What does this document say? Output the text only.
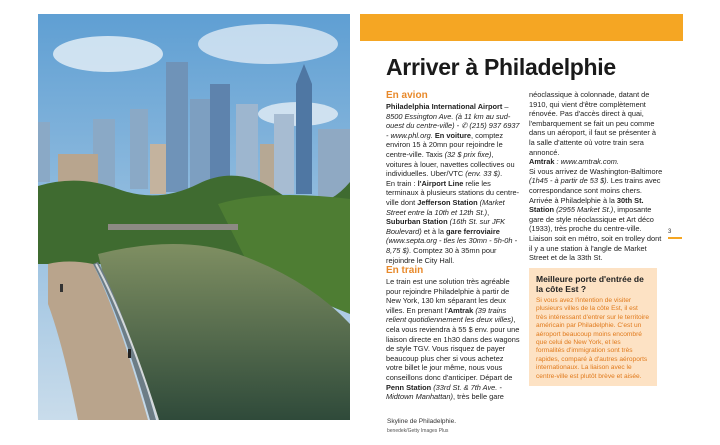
Skyline de Philadelphie.
benedek/Getty Images Plus
Arriver à Philadelphie

En avion

Philadelphia International Airport – 8500 Essington Ave. (à 11 km au sud-ouest du centre-ville) - ✆ (215) 937 6937 - www.phl.org. En voiture, comptez environ 15 à 20mn pour rejoindre le centre-ville. Taxis (32 $ prix fixe), voitures à louer, navettes collectives ou individuelles. Uber/VTC (env. 33 $).

En train : l'Airport Line relie les terminaux à plusieurs stations du centre-ville dont Jefferson Station (Market Street entre la 10th et 12th St.), Suburban Station (16th St. sur JFK Boulevard) et à la gare ferroviaire (www.septa.org - tles les 30mn - 5h-0h - 8,75 $). Comptez 30 à 35mn pour rejoindre le City Hall.

En train

Le train est une solution très agréable pour rejoindre Philadelphie à partir de New York, 130 km séparant les deux villes. En prenant l'Amtrak (39 trains relient quotidiennement les deux villes), cela vous reviendra à 55 $ env. pour une liaison directe en 1h30 dans des wagons de style TGV. Vous risquez de payer beaucoup plus cher si vous achetez votre billet le jour même, nous vous conseillons donc d'anticiper. Départ de Penn Station (33rd St. & 7th Ave. - Midtown Manhattan), très belle gare

néoclassique à colonnade, datant de 1910, qui vient d'être complètement rénovée. Pas d'accès direct à quai, l'embarquement se fait un peu comme dans un aéroport, il faut se présenter à la salle d'attente où votre train sera annoncé.

Amtrak : www.amtrak.com.
Si vous arrivez de Washington-Baltimore (1h45 - à partir de 53 $). Les trains avec correspondance sont moins chers.
Arrivée à Philadelphie à la 30th St. Station (2955 Market St.), imposante gare de style néoclassique et Art déco (1933), très proche du centre-ville. Liaison soit en métro, soit en trolley dont il y a une station à l'angle de Market Street et de la 33th St.

3

Meilleure porte d'entrée de la côte Est ?

Si vous avez l'intention de visiter plusieurs villes de la côte Est, il est très intéressant d'entrer sur le territoire américain par Philadelphie. C'est un aéroport beaucoup moins encombré que celui de New York, et les formalités d'immigration sont très rapides, comparé à d'autres aéroports internationaux. La liaison avec le centre-ville est plutôt brève et aisée.
